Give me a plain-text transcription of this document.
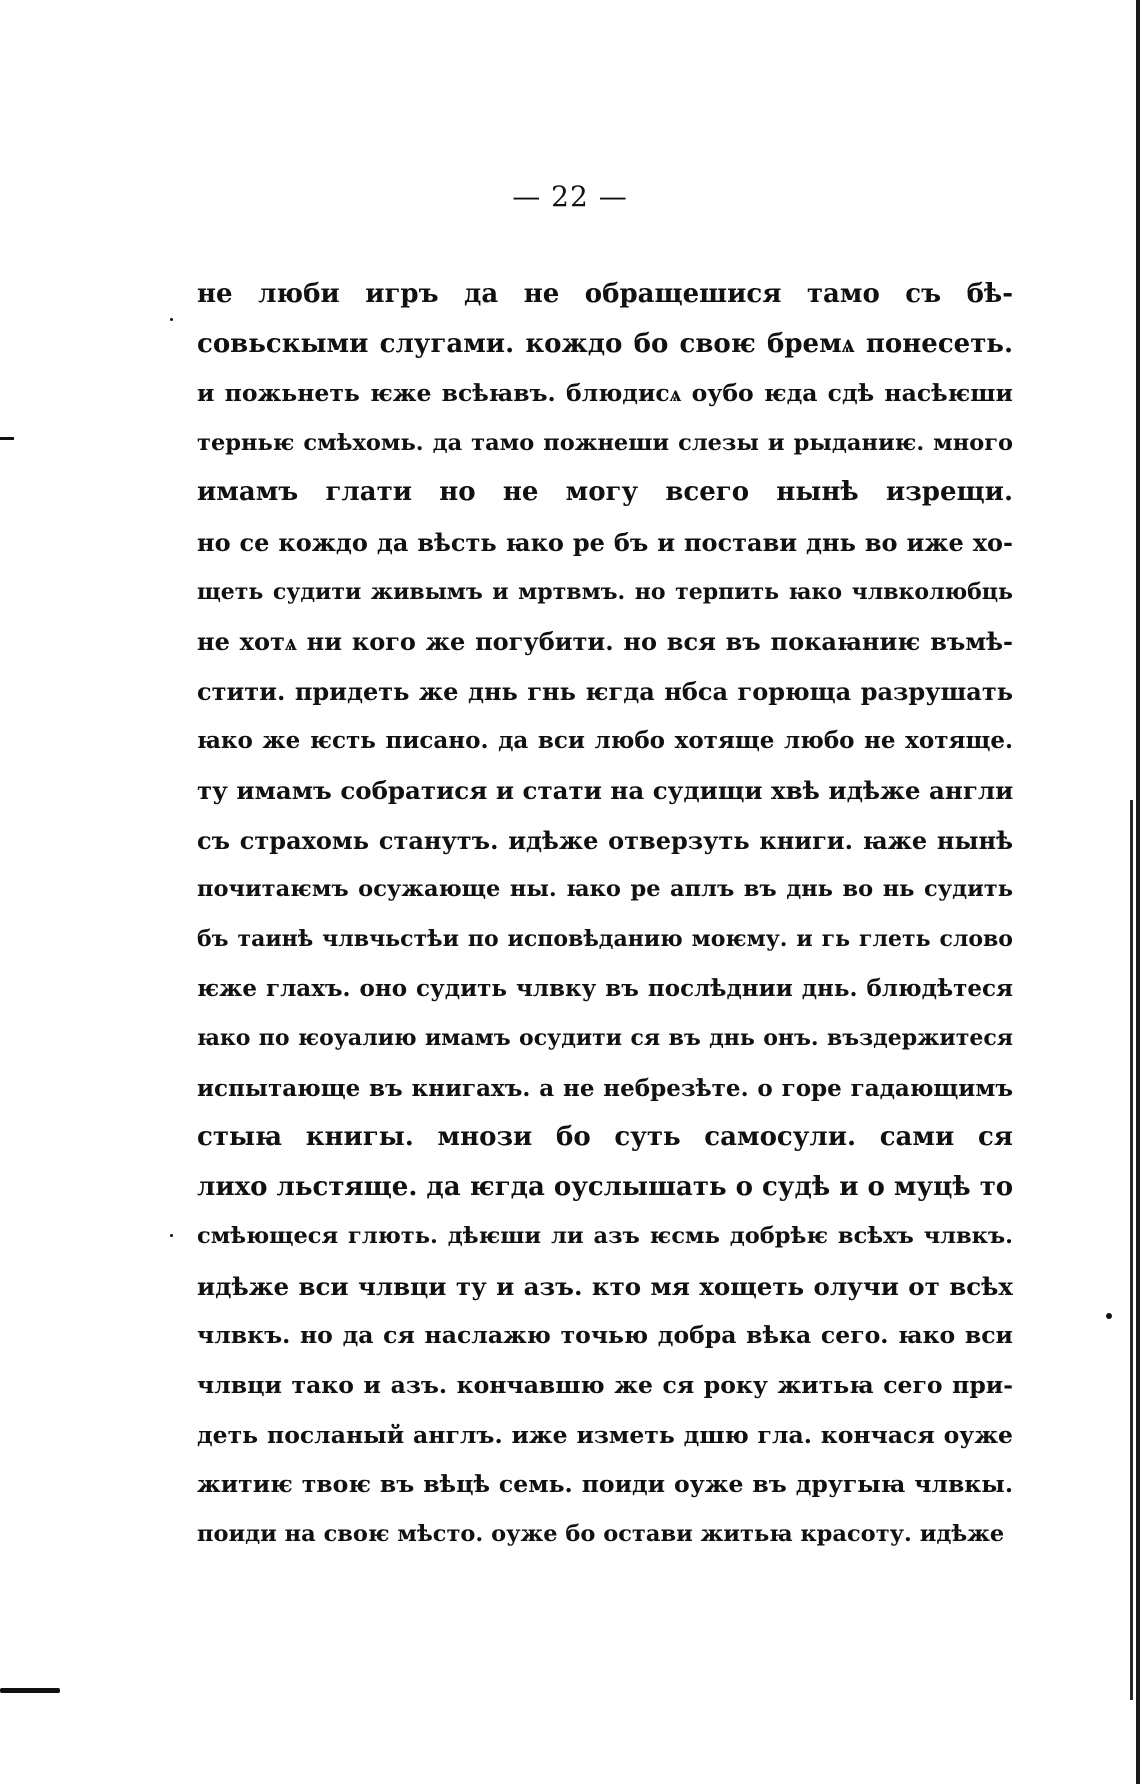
— 22 —
не люби игръ да не обращешися тамо съ бѣ-
совьскыми слугами. кождо бо своѥ бремѧ понесеть.
и пожьнеть ѥже всѣꙗвъ. блюдисѧ оубо ѥда сдѣ насѣѥши
терньѥ смѣхомь. да тамо пожнеши слезы и рыданиѥ. много
имамъ глати но не могу всего нынѣ изрещи.
но се кождо да вѣсть ꙗко ре бъ и постави днь во иже хо-
щеть судити живымъ и мртвмъ. но терпить ꙗко члвколюбць
не хотѧ ни кого же погубити. но вся въ покаꙗниѥ въмѣ-
стити. придеть же днь гнь ѥгда нбса горюща разрушать
ꙗко же ѥсть писано. да вси любо хотяще любо не хотяще.
ту имамъ собратися и стати на судищи хвѣ идѣже англи
съ страхомь станутъ. идѣже отверзуть книги. ꙗже нынѣ
почитаѥмъ осужающе ны. ꙗко ре аплъ въ днь во нь судить
бъ таинѣ члвчьстѣи по исповѣданию моѥму. и гь глеть слово
ѥже глахъ. оно судить члвку въ послѣднии днь. блюдѣтеся
ꙗко по ѥоуалию имамъ осудити ся въ днь онъ. въздержитеся
испытающе въ книгахъ. а не небрезѣте. о горе гадающимъ
стыꙗ книгы. мнози бо суть самосули. сами ся
лихо льстяще. да ѥгда оуслышать о судѣ и о муцѣ то
смѣющеся глють. дѣѥши ли азъ ѥсмь добрѣѥ всѣхъ члвкъ.
идѣже вси члвци ту и азъ. кто мя хощеть олучи от всѣх
члвкъ. но да ся наслажю точью добра вѣка сего. ꙗко вси
члвци тако и азъ. кончавшю же ся року житьꙗ сего при-
деть посланый англъ. иже изметь дшю гла. кончася оуже
житиѥ твоѥ въ вѣцѣ семь. поиди оуже въ другыꙗ члвкы.
поиди на своѥ мѣсто. оуже бо остави житьꙗ красоту. идѣже
